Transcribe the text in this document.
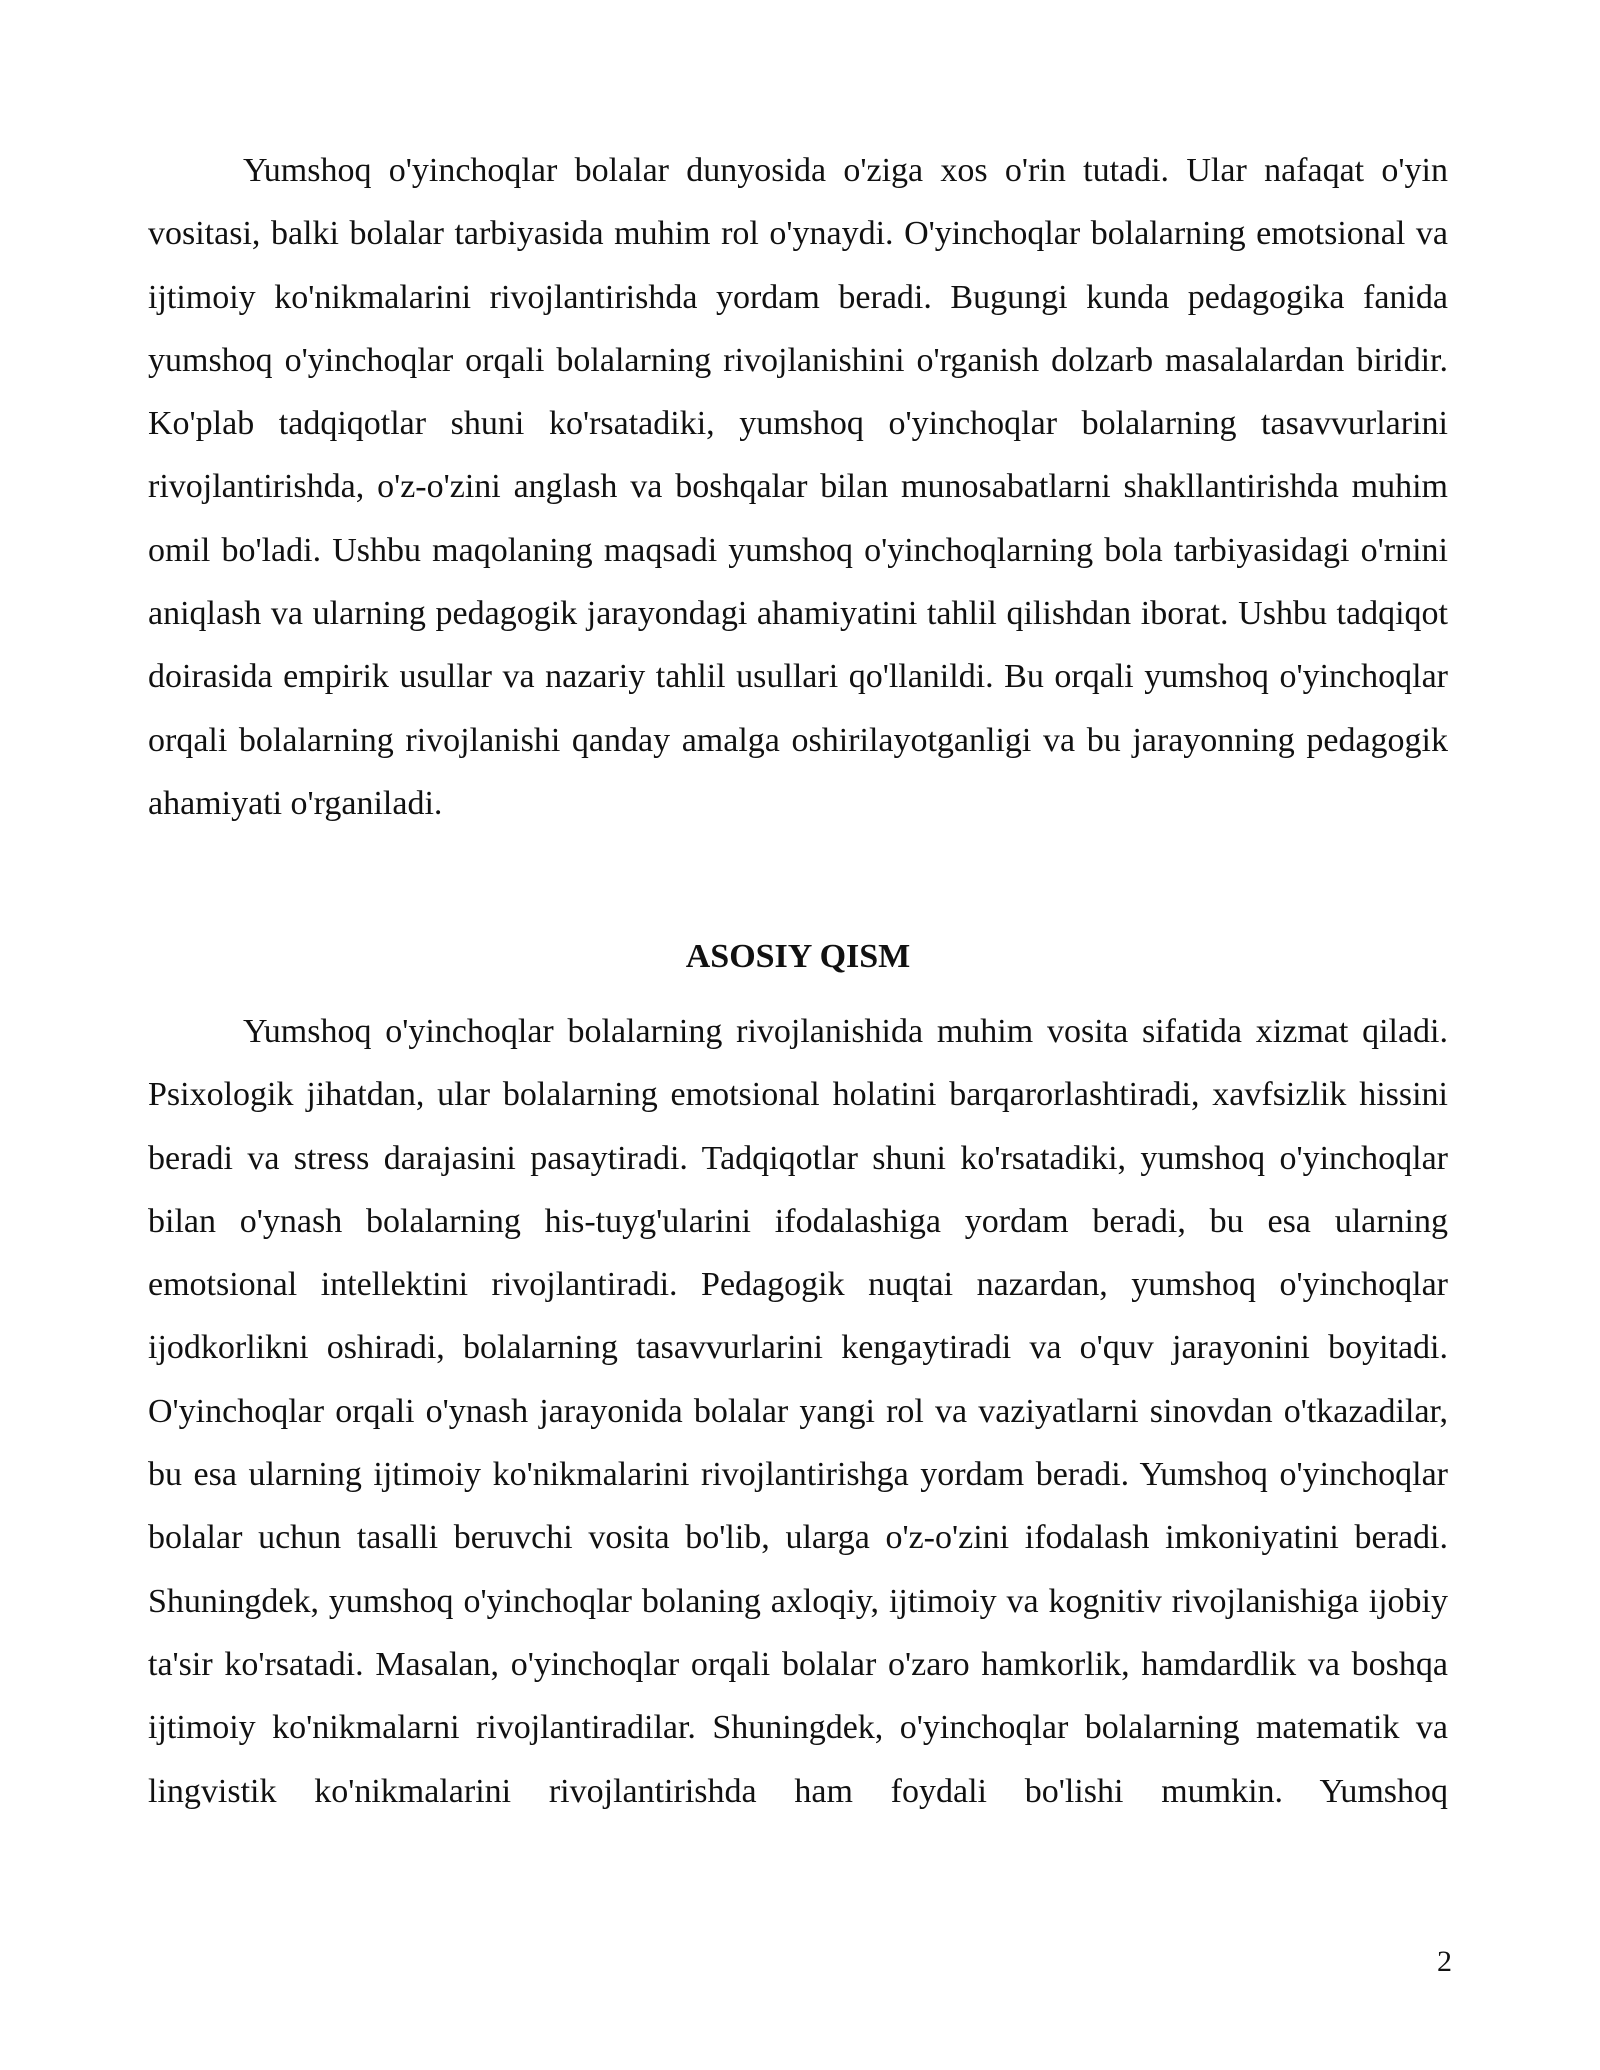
Yumshoq o'yinchoqlar bolalar dunyosida o'ziga xos o'rin tutadi. Ular nafaqat o'yin vositasi, balki bolalar tarbiyasida muhim rol o'ynaydi. O'yinchoqlar bolalarning emotsional va ijtimoiy ko'nikmalarini rivojlantirishda yordam beradi. Bugungi kunda pedagogika fanida yumshoq o'yinchoqlar orqali bolalarning rivojlanishini o'rganish dolzarb masalalardan biridir. Ko'plab tadqiqotlar shuni ko'rsatadiki, yumshoq o'yinchoqlar bolalarning tasavvurlarini rivojlantirishda, o'z-o'zini anglash va boshqalar bilan munosabatlarni shakllantirishda muhim omil bo'ladi. Ushbu maqolaning maqsadi yumshoq o'yinchoqlarning bola tarbiyasidagi o'rnini aniqlash va ularning pedagogik jarayondagi ahamiyatini tahlil qilishdan iborat. Ushbu tadqiqot doirasida empirik usullar va nazariy tahlil usullari qo'llanildi. Bu orqali yumshoq o'yinchoqlar orqali bolalarning rivojlanishi qanday amalga oshirilayotganligi va bu jarayonning pedagogik ahamiyati o'rganiladi.

ASOSIY QISM

Yumshoq o'yinchoqlar bolalarning rivojlanishida muhim vosita sifatida xizmat qiladi. Psixologik jihatdan, ular bolalarning emotsional holatini barqarorlashtiradi, xavfsizlik hissini beradi va stress darajasini pasaytiradi. Tadqiqotlar shuni ko'rsatadiki, yumshoq o'yinchoqlar bilan o'ynash bolalarning his-tuyg'ularini ifodalashiga yordam beradi, bu esa ularning emotsional intellektini rivojlantiradi. Pedagogik nuqtai nazardan, yumshoq o'yinchoqlar ijodkorlikni oshiradi, bolalarning tasavvurlarini kengaytiradi va o'quv jarayonini boyitadi. O'yinchoqlar orqali o'ynash jarayonida bolalar yangi rol va vaziyatlarni sinovdan o'tkazadilar, bu esa ularning ijtimoiy ko'nikmalarini rivojlantirishga yordam beradi. Yumshoq o'yinchoqlar bolalar uchun tasalli beruvchi vosita bo'lib, ularga o'z-o'zini ifodalash imkoniyatini beradi. Shuningdek, yumshoq o'yinchoqlar bolaning axloqiy, ijtimoiy va kognitiv rivojlanishiga ijobiy ta'sir ko'rsatadi. Masalan, o'yinchoqlar orqali bolalar o'zaro hamkorlik, hamdardlik va boshqa ijtimoiy ko'nikmalarni rivojlantiradilar. Shuningdek, o'yinchoqlar bolalarning matematik va lingvistik ko'nikmalarini rivojlantirishda ham foydali bo'lishi mumkin. Yumshoq

2
